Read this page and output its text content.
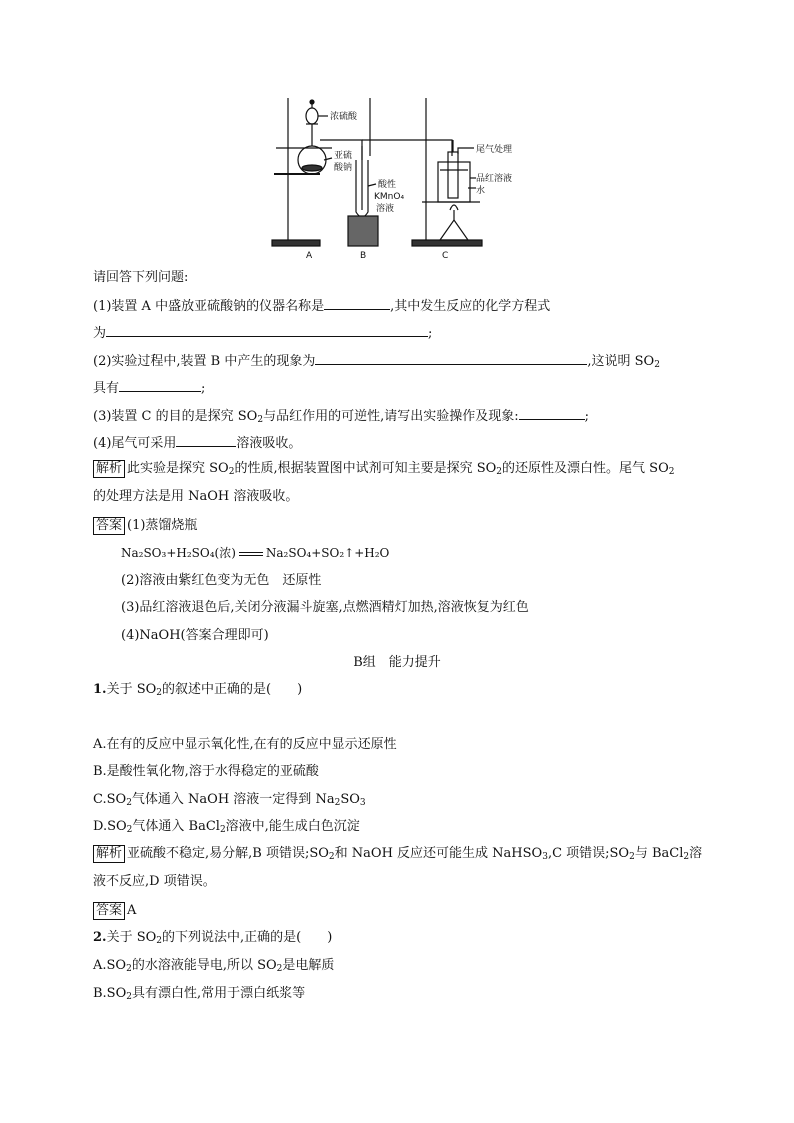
浓硫酸
亚硫
酸钠
酸性
KMnO₄
溶液
尾气处理
品红溶液
水
A	B	C
请回答下列问题:
(1)装置 A 中盛放亚硫酸钠的仪器名称是	,其中发生反应的化学方程式
为	;
(2)实验过程中,装置 B 中产生的现象为	,这说明 $SO_2$
具有	;
(3)装置 C 的目的是探究 $SO_2$与品红作用的可逆性,请写出实验操作及现象:	;
(4)尾气可采用	溶液吸收。
解析 此实验是探究 $SO_2$的性质,根据装置图中试剂可知主要是探究 $SO_2$的还原性及漂白性。尾气 $SO_2$
的处理方法是用 NaOH 溶液吸收。
答案 (1)蒸馏烧瓶
Na₂SO₃+H₂SO₄(浓)	Na₂SO₄+SO₂↑+H₂O
(2)溶液由紫红色变为无色　还原性
(3)品红溶液退色后,关闭分液漏斗旋塞,点燃酒精灯加热,溶液恢复为红色
(4)NaOH(答案合理即可)
B组　能力提升
1.关于 $SO_2$的叙述中正确的是(　　)
A.在有的反应中显示氧化性,在有的反应中显示还原性
B.是酸性氧化物,溶于水得稳定的亚硫酸
$C.SO_2$气体通入 NaOH 溶液一定得到 $Na_2SO_3$
$D.SO_2$气体通入 BaCl$_2$溶液中,能生成白色沉淀
解析 亚硫酸不稳定,易分解,B 项错误$;SO_2$和 NaOH 反应还可能生成 NaHSO$_3$,C 项错误$;SO_2$与 BaCl$_2$溶
液不反应,D 项错误。
答案 A
2.关于 $SO_2$的下列说法中,正确的是(　　)
$A.SO_2$的水溶液能导电,所以 $SO_2$是电解质
$B.SO_2$具有漂白性,常用于漂白纸浆等
